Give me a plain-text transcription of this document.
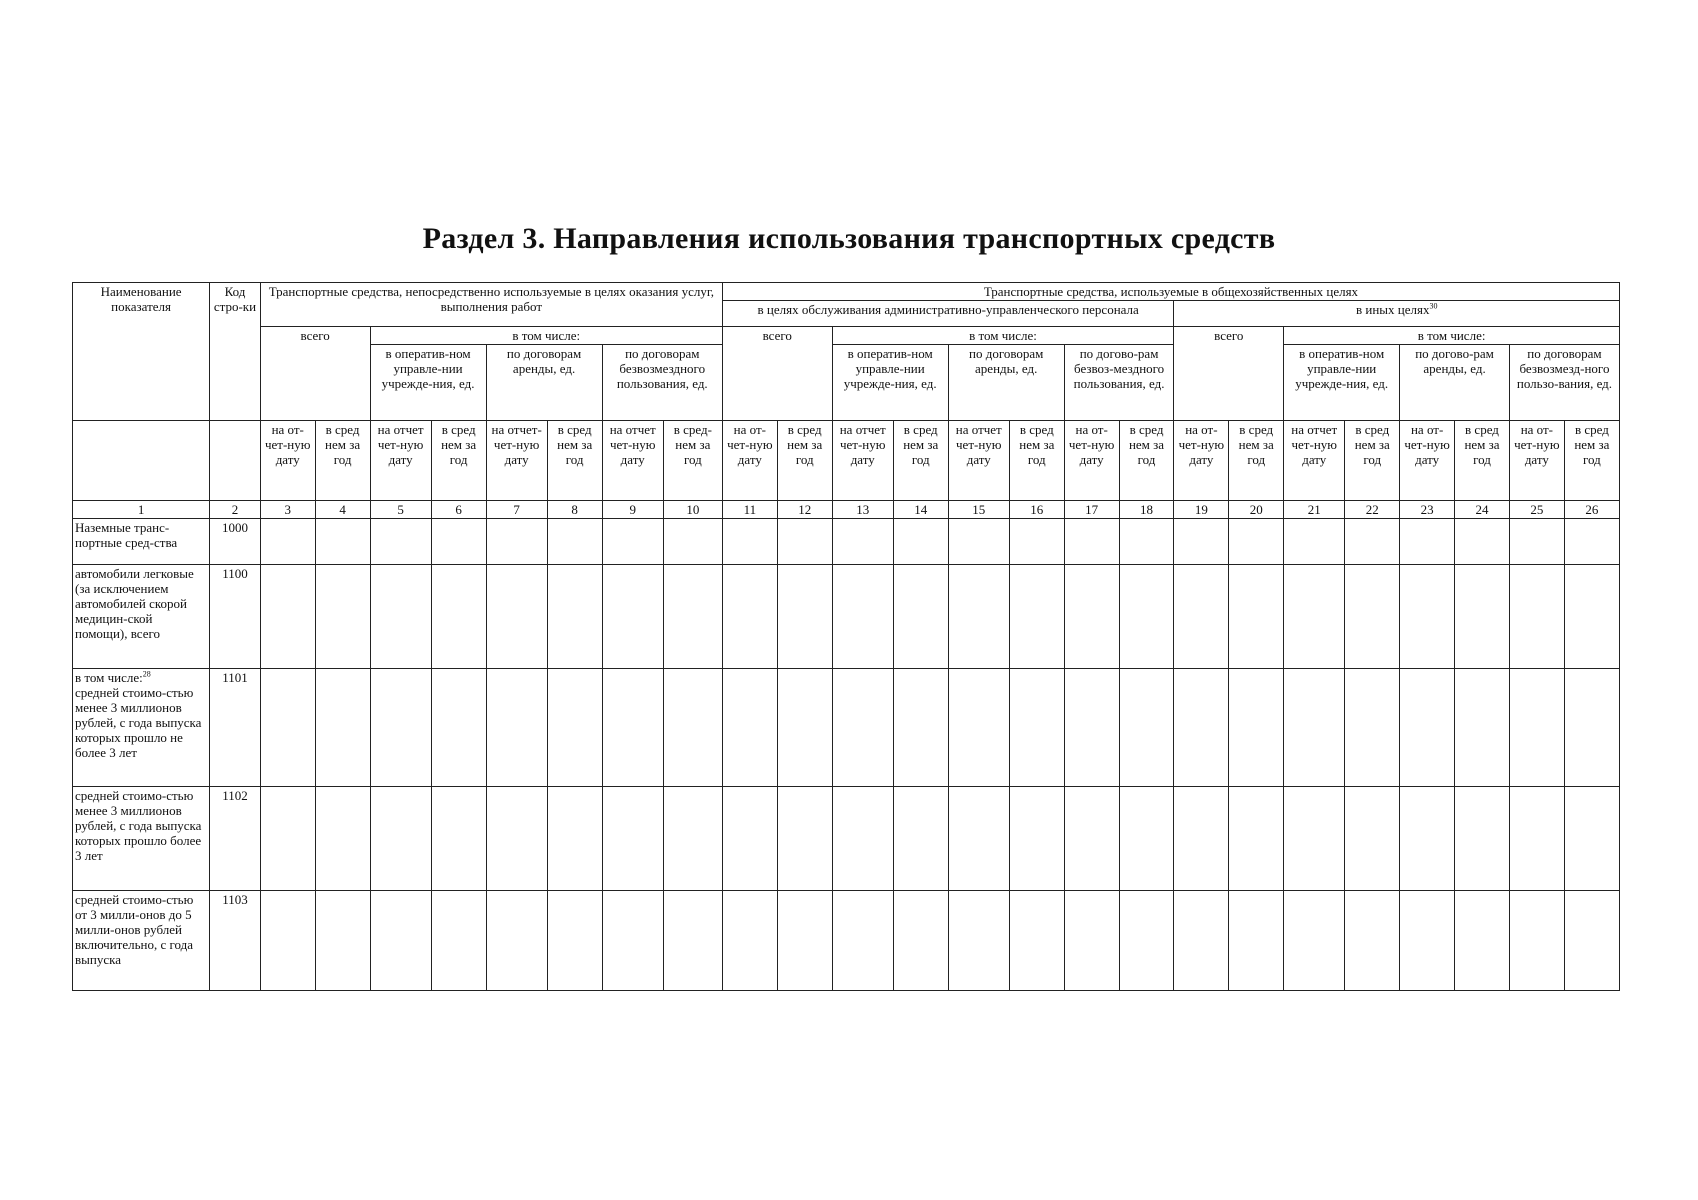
Раздел 3. Направления использования транспортных средств
Наименование показателя	Код стро-ки	Транспортные средства, непосредственно используемые в целях оказания услуг, выполнения работ								Транспортные средства, используемые в общехозяйственных целях															
										в целях обслуживания административно-управленческого персонала								в иных целях$^{30}$
		всего		в том числе:						всего		в том числе:						всего		в том числе:					
				в оператив-ном управле-нии учрежде-ния, ед.		по договорам аренды, ед.		по договорам безвозмездного пользования, ед.				в оператив-ном управле-нии учрежде-ния, ед.		по договорам аренды, ед.		по догово-рам безвоз-мездного пользования, ед.				в оператив-ном управле-нии учрежде-ния, ед.		по догово-рам аренды, ед.		по договорам безвозмезд-ного пользо-вания, ед.	
		на от-чет-ную дату	в сред нем за год	на отчет чет-ную дату	в сред нем за год	на отчет-чет-ную дату	в сред нем за год	на отчет чет-ную дату	в сред-нем за год	на от-чет-ную дату	в сред нем за год	на отчет чет-ную дату	в сред нем за год	на отчет чет-ную дату	в сред нем за год	на от-чет-ную дату	в сред нем за год	на от-чет-ную дату	в сред нем за год	на отчет чет-ную дату	в сред нем за год	на от-чет-ную дату	в сред нем за год	на от-чет-ную дату	в сред нем за год
1	2	3	4	5	6	7	8	9	10	11	12	13	14	15	16	17	18	19	20	21	22	23	24	25	26
Наземные транс-портные сред-ства	1000																								
автомобили легковые (за исключением автомобилей скорой медицин-ской помощи), всего	1100																								
в том числе:$^{28}$
средней стоимо-стью менее 3 миллионов рублей, с года выпуска которых прошло не более 3 лет	1101																								
средней стоимо-стью менее 3 миллионов рублей, с года выпуска которых прошло более 3 лет	1102																								
средней стоимо-стью от 3 милли-онов до 5 милли-онов рублей включительно, с года выпуска	1103																								
